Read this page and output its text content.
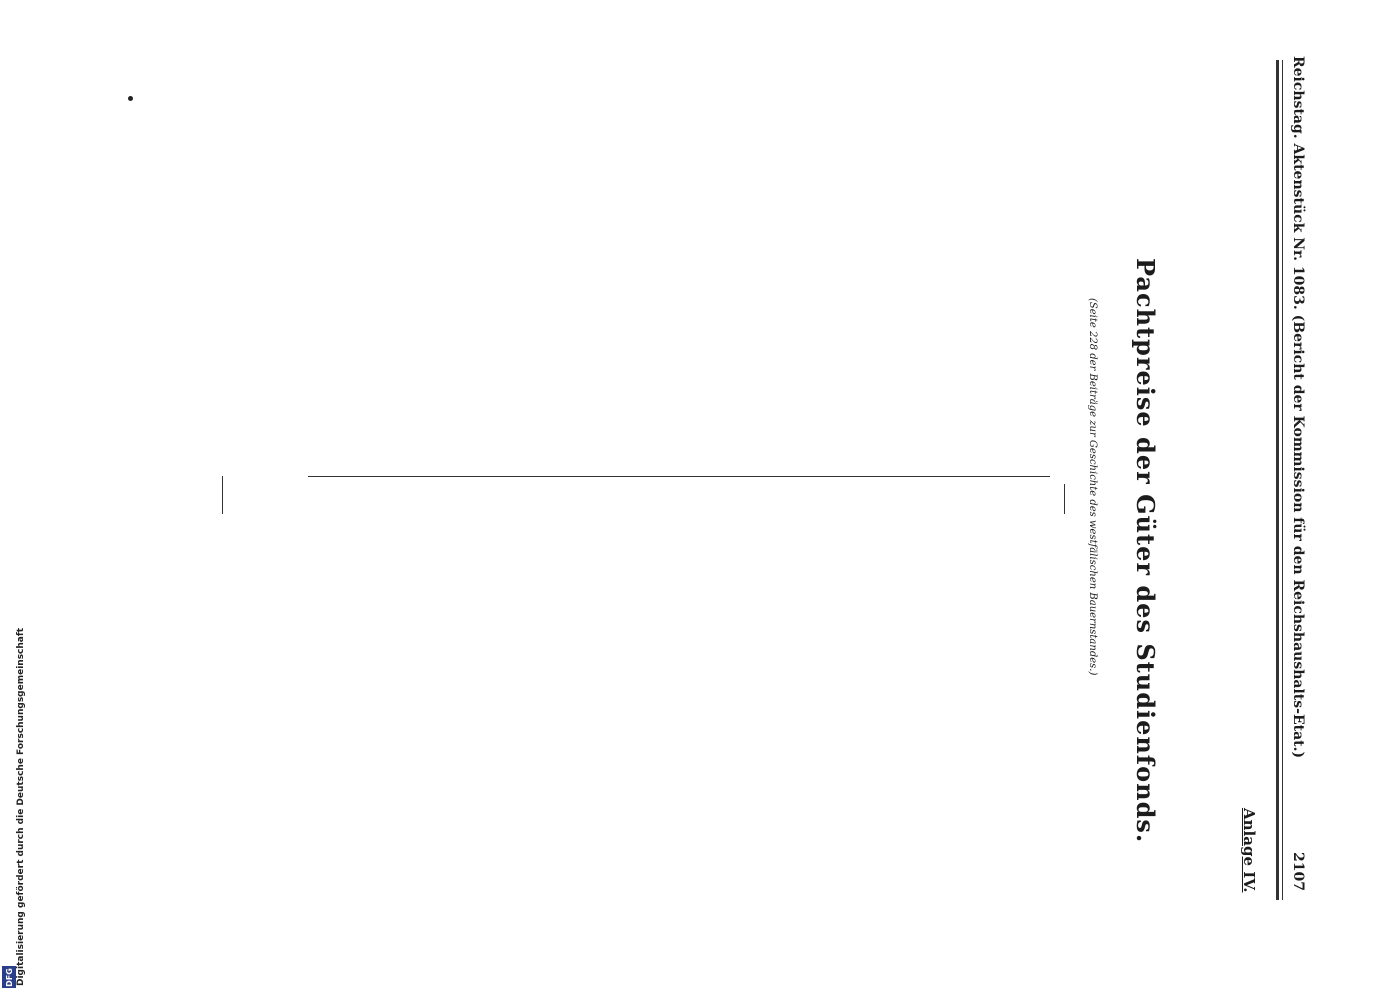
Digitalisierung gefördert durch die Deutsche Forschungsgemeinschaft
DFG
Reichstag. Aktenstück Nr. 1083. (Bericht der Kommission für den Reichshaushalts-Etat.)
2107
Anlage IV.
Pachtpreise der Güter des Studienfonds.
(Seite 228 der Beiträge zur Geschichte des westfälischen Bauernstandes.)
